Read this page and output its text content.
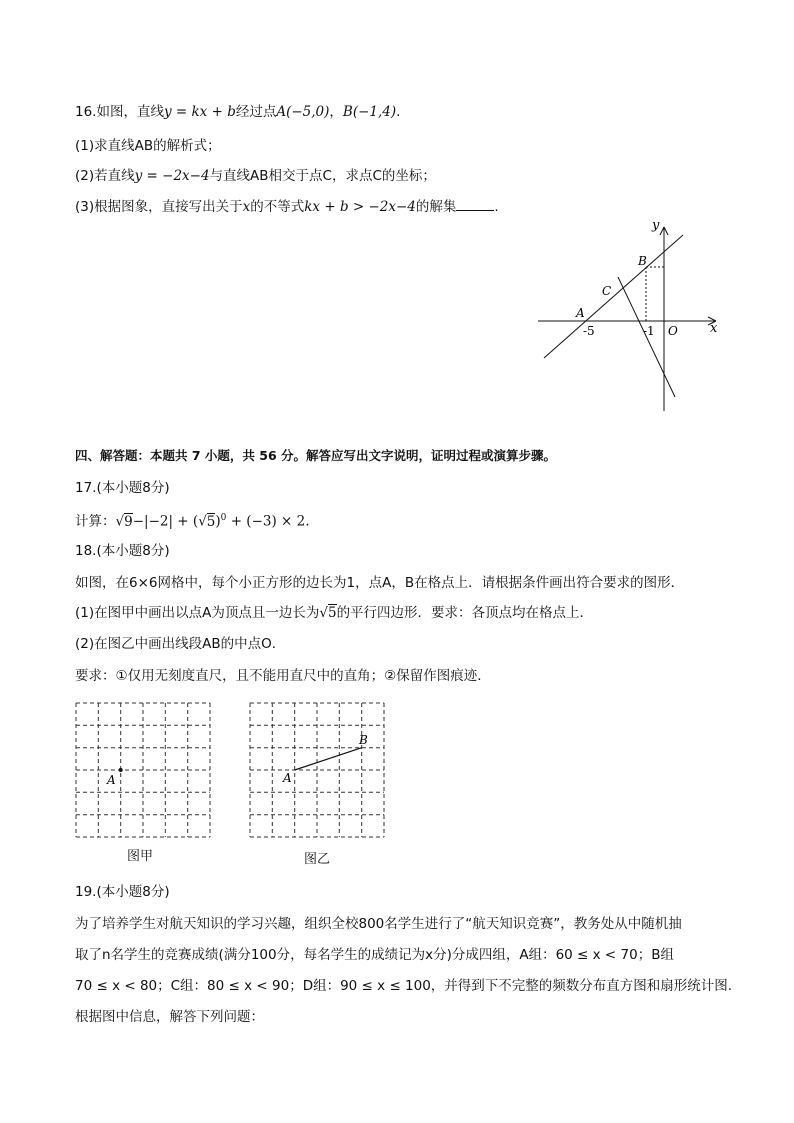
16.如图，直线y = kx + b经过点A(−5,0)，B(−1,4).
(1)求直线AB的解析式；
(2)若直线y = −2x−4与直线AB相交于点C，求点C的坐标；
(3)根据图象，直接写出关于x的不等式kx + b > −2x−4的解集	.
y
x
B
C
A
-5	-1 O
四、解答题：本题共 7 小题，共 56 分。解答应写出文字说明，证明过程或演算步骤。
17.(本小题8分)
计算：$√9-|-2| + (√5)^0 + (-3) \times 2$.
18.(本小题8分)
如图，在6×6网格中，每个小正方形的边长为1，点A，B在格点上．请根据条件画出符合要求的图形．
(1)在图甲中画出以点A为顶点且一边长为√5的平行四边形．要求：各顶点均在格点上．
(2)在图乙中画出线段AB的中点O．
要求：①仅用无刻度直尺，且不能用直尺中的直角；②保留作图痕迹．
A
图甲
A
B
图乙
19.(本小题8分)
为了培养学生对航天知识的学习兴趣，组织全校800名学生进行了“航天知识竞赛”，教务处从中随机抽
取了n名学生的竞赛成绩(满分100分，每名学生的成绩记为x分)分成四组，A组：60 ≤ x < 70；B组
70 ≤ x < 80；C组：80 ≤ x < 90；D组：90 ≤ x ≤ 100，并得到下不完整的频数分布直方图和扇形统计图.
根据图中信息，解答下列问题：
